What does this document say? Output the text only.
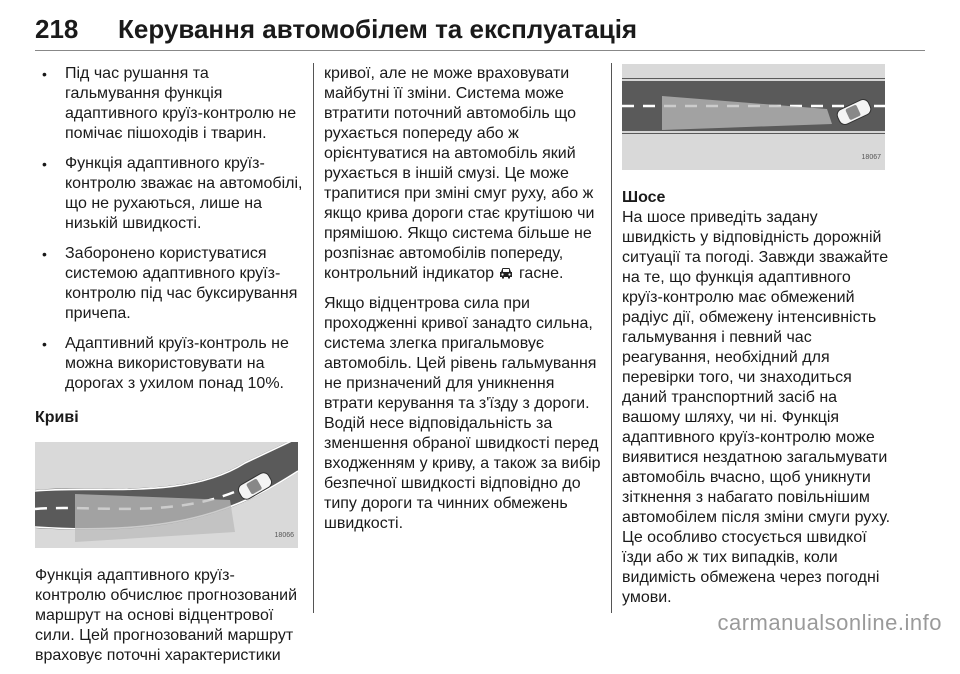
218 Керування автомобілем та експлуатація
• Під час рушання та гальмування функція адаптивного круїз-контролю не помічає пішоходів і тварин.
• Функція адаптивного круїз-контролю зважає на автомобілі, що не рухаються, лише на низькій швидкості.
• Заборонено користуватися системою адаптивного круїз-контролю під час буксирування причепа.
• Адаптивний круїз-контроль не можна використовувати на дорогах з ухилом понад 10%.
Криві
18066
Функція адаптивного круїз-контролю обчислює прогнозований маршрут на основі відцентрової сили. Цей прогнозований маршрут враховує поточні характеристики
кривої, але не може враховувати майбутні її зміни. Система може втратити поточний автомобіль що рухається попереду або ж орієнтуватися на автомобіль який рухається в іншій смузі. Це може трапитися при зміні смуг руху, або ж якщо крива дороги стає крутішою чи прямішою. Якщо система більше не розпізнає автомобілів попереду, контрольний індикатор гасне.
Якщо відцентрова сила при проходженні кривої занадто сильна, система злегка пригальмовує автомобіль. Цей рівень гальмування не призначений для уникнення втрати керування та з'їзду з дороги. Водій несе відповідальність за зменшення обраної швидкості перед входженням у криву, а також за вибір безпечної швидкості відповідно до типу дороги та чинних обмежень швидкості.
18067
Шосе
На шосе приведіть задану швидкість у відповідність дорожній ситуації та погоді. Завжди зважайте на те, що функція адаптивного круїз-контролю має обмежений радіус дії, обмежену інтенсивність гальмування і певний час реагування, необхідний для перевірки того, чи знаходиться даний транспортний засіб на вашому шляху, чи ні. Функція адаптивного круїз-контролю може виявитися нездатною загальмувати автомобіль вчасно, щоб уникнути зіткнення з набагато повільнішим автомобілем після зміни смуги руху. Це особливо стосується швидкої їзди або ж тих випадків, коли видимість обмежена через погодні умови.
carmanualsonline.info
